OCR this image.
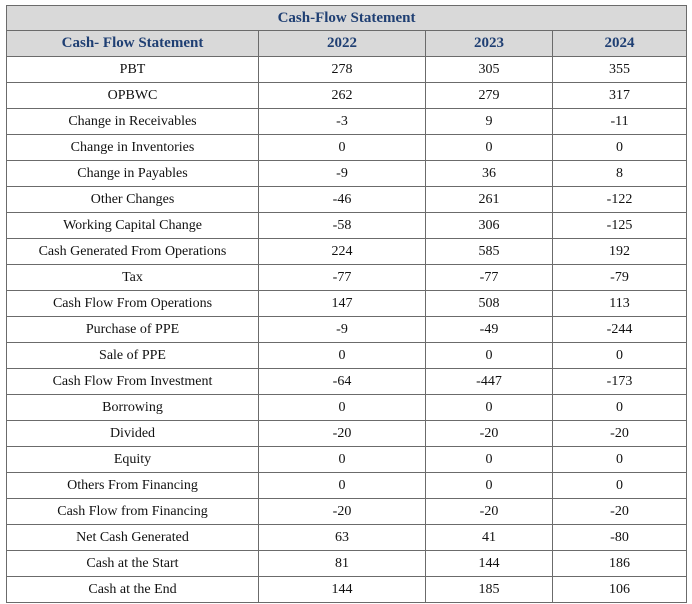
Cash-Flow Statement			
Cash- Flow Statement	2022	2023	2024
PBT	278	305	355
OPBWC	262	279	317
Change in Receivables	-3	9	-11
Change in Inventories	0	0	0
Change in Payables	-9	36	8
Other Changes	-46	261	-122
Working Capital Change	-58	306	-125
Cash Generated From Operations	224	585	192
Tax	-77	-77	-79
Cash Flow From Operations	147	508	113
Purchase of PPE	-9	-49	-244
Sale of PPE	0	0	0
Cash Flow From Investment	-64	-447	-173
Borrowing	0	0	0
Divided	-20	-20	-20
Equity	0	0	0
Others From Financing	0	0	0
Cash Flow from Financing	-20	-20	-20
Net Cash Generated	63	41	-80
Cash at the Start	81	144	186
Cash at the End	144	185	106
